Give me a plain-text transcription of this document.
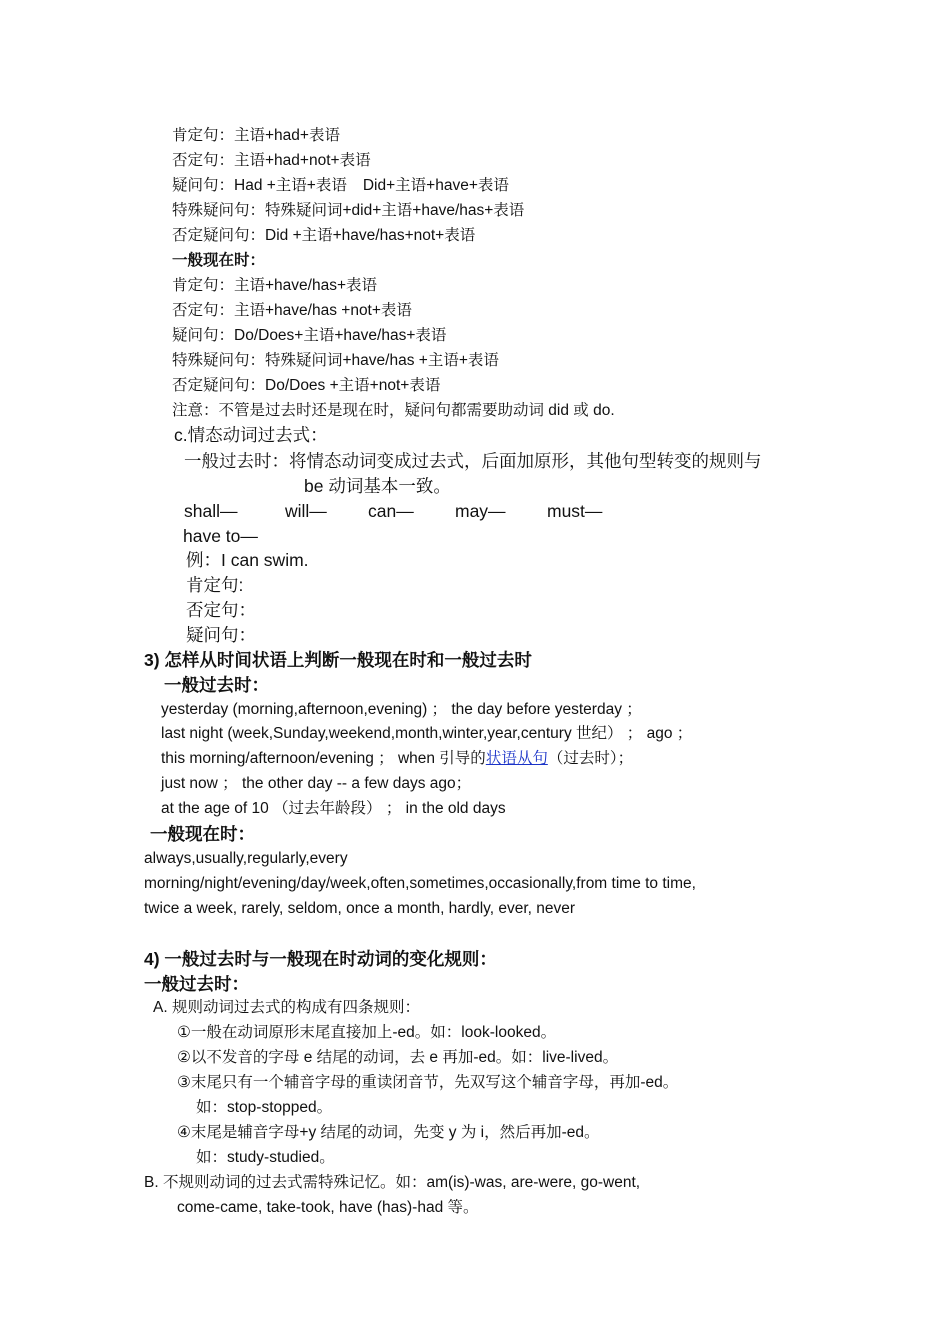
肯定句：主语+had+表语
否定句：主语+had+not+表语
疑问句：Had +主语+表语 Did+主语+have+表语
特殊疑问句：特殊疑问词+did+主语+have/has+表语
否定疑问句：Did +主语+have/has+not+表语
一般现在时：
肯定句：主语+have/has+表语
否定句：主语+have/has +not+表语
疑问句：Do/Does+主语+have/has+表语
特殊疑问句：特殊疑问词+have/has +主语+表语
否定疑问句：Do/Does +主语+not+表语
注意：不管是过去时还是现在时，疑问句都需要助动词 did 或 do.
c.情态动词过去式：
一般过去时：将情态动词变成过去式，后面加原形，其他句型转变的规则与
be 动词基本一致。
shall—	will— can— may— must—
have to—
例：I can swim.
肯定句:
否定句：
疑问句：
3) 怎样从时间状语上判断一般现在时和一般过去时
一般过去时：
yesterday (morning,afternoon,evening) ； the day before yesterday ；
last night (week,Sunday,weekend,month,winter,year,century 世纪） ； ago ；
this morning/afternoon/evening ； when 引导的状语从句（过去时）；
just now ； the other day -- a few days ago；
at the age of 10 （过去年龄段） ； in the old days
一般现在时：
always,usually,regularly,every
morning/night/evening/day/week,often,sometimes,occasionally,from time to time,
twice a week, rarely, seldom, once a month, hardly, ever, never
4) 一般过去时与一般现在时动词的变化规则：
一般过去时：
A. 规则动词过去式的构成有四条规则：
①一般在动词原形末尾直接加上-ed。如：look-looked。
②以不发音的字母 e 结尾的动词，去 e 再加-ed。如：live-lived。
③末尾只有一个辅音字母的重读闭音节，先双写这个辅音字母，再加-ed。
如：stop-stopped。
④末尾是辅音字母+y 结尾的动词，先变 y 为 i，然后再加-ed。
如：study-studied。
B. 不规则动词的过去式需特殊记忆。如：am(is)-was, are-were, go-went,
come-came, take-took, have (has)-had 等。
